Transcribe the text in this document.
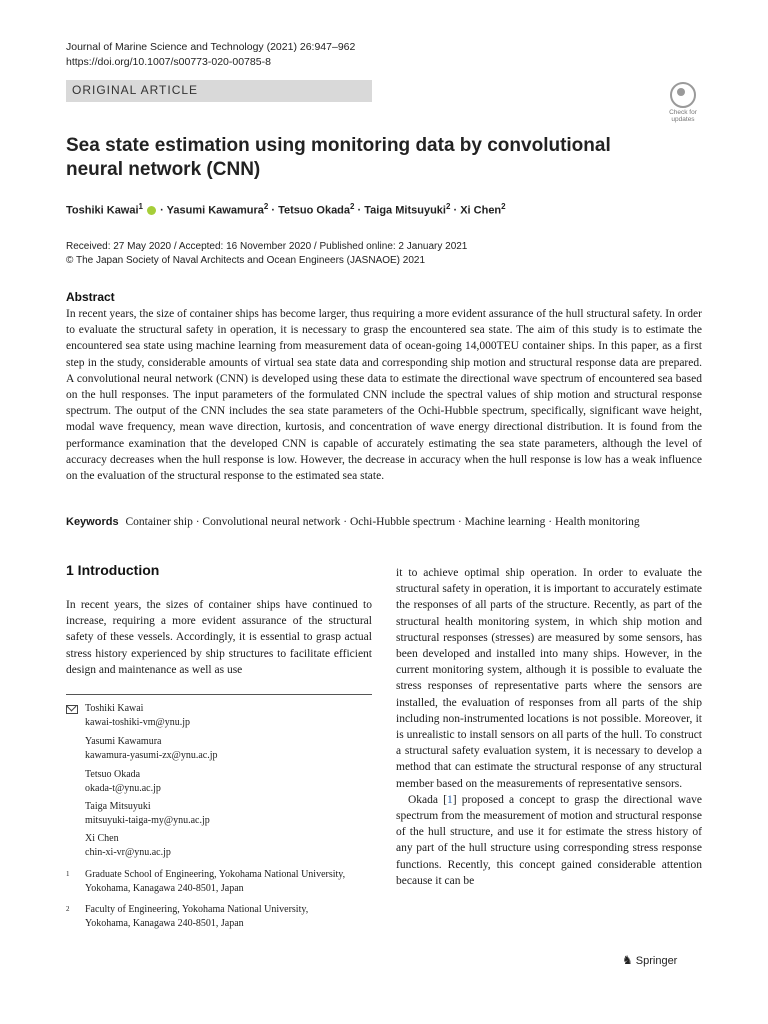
Journal of Marine Science and Technology (2021) 26:947–962
https://doi.org/10.1007/s00773-020-00785-8
ORIGINAL ARTICLE
Check for
updates
Sea state estimation using monitoring data by convolutional neural network (CNN)
Toshiki Kawai$^1$  · Yasumi Kawamura$^2$ · Tetsuo Okada$^2$ · Taiga Mitsuyuki$^2$ · Xi Chen$^2$
Received: 27 May 2020 / Accepted: 16 November 2020 / Published online: 2 January 2021
© The Japan Society of Naval Architects and Ocean Engineers (JASNAOE) 2021
Abstract
In recent years, the size of container ships has become larger, thus requiring a more evident assurance of the hull structural safety. In order to evaluate the structural safety in operation, it is necessary to grasp the encountered sea state. The aim of this study is to estimate the encountered sea state using machine learning from measurement data of ocean-going 14,000TEU container ships. In this paper, as a first step in the study, considerable amounts of virtual sea state data and corresponding ship motion and structural response data are prepared. A convolutional neural network (CNN) is developed using these data to estimate the directional wave spectrum of encountered sea based on the hull responses. The input parameters of the formulated CNN include the spectral values of ship motion and structural response spectrum. The output of the CNN includes the sea state parameters of the Ochi-Hubble spectrum, specifically, significant wave height, modal wave frequency, mean wave direction, kurtosis, and concentration of wave energy directional distribution. It is found from the performance examination that the developed CNN is capable of accurately estimating the sea state parameters, although the level of accuracy decreases when the hull response is low. However, the decrease in accuracy when the hull response is low has a weak influence on the evaluation of the structural response to the estimated sea state.
Keywords Container ship · Convolutional neural network · Ochi-Hubble spectrum · Machine learning · Health monitoring
1 Introduction

In recent years, the sizes of container ships have continued to increase, requiring a more evident assurance of the structural safety of these vessels. Accordingly, it is essential to grasp actual stress history experienced by ship structures to facilitate efficient design and maintenance as well as use

it to achieve optimal ship operation. In order to evaluate the structural safety in operation, it is important to accurately estimate the responses of all parts of the structure. Recently, as part of the structural health monitoring system, in which ship motion and structural responses (stresses) are measured by some sensors, has been developed and installed into many ships. However, in the current monitoring system, although it is possible to evaluate the stress responses of representative parts where the sensors are installed, the evaluation of responses from all parts of the ship including non-instrumented locations is not possible. Moreover, it is unrealistic to install sensors on all parts of the hull. To construct a structural safety evaluation system, it is necessary to develop a method that can estimate the structural response of any structural member based on the measurements of representative sensors.

Okada [1] proposed a concept to grasp the directional wave spectrum from the measurement of motion and structural response of the hull structure, and use it for estimate the stress history of any part of the hull structure using corresponding stress response functions. Recently, this concept gained considerable attention because it can be

Toshiki Kawai
kawai-toshiki-vm@ynu.jp
Yasumi Kawamura
kawamura-yasumi-zx@ynu.ac.jp
Tetsuo Okada
okada-t@ynu.ac.jp
Taiga Mitsuyuki
mitsuyuki-taiga-my@ynu.ac.jp
Xi Chen
chin-xi-vr@ynu.ac.jp
1 Graduate School of Engineering, Yokohama National University, Yokohama, Kanagawa 240-8501, Japan
2 Faculty of Engineering, Yokohama National University, Yokohama, Kanagawa 240-8501, Japan
♞ Springer
